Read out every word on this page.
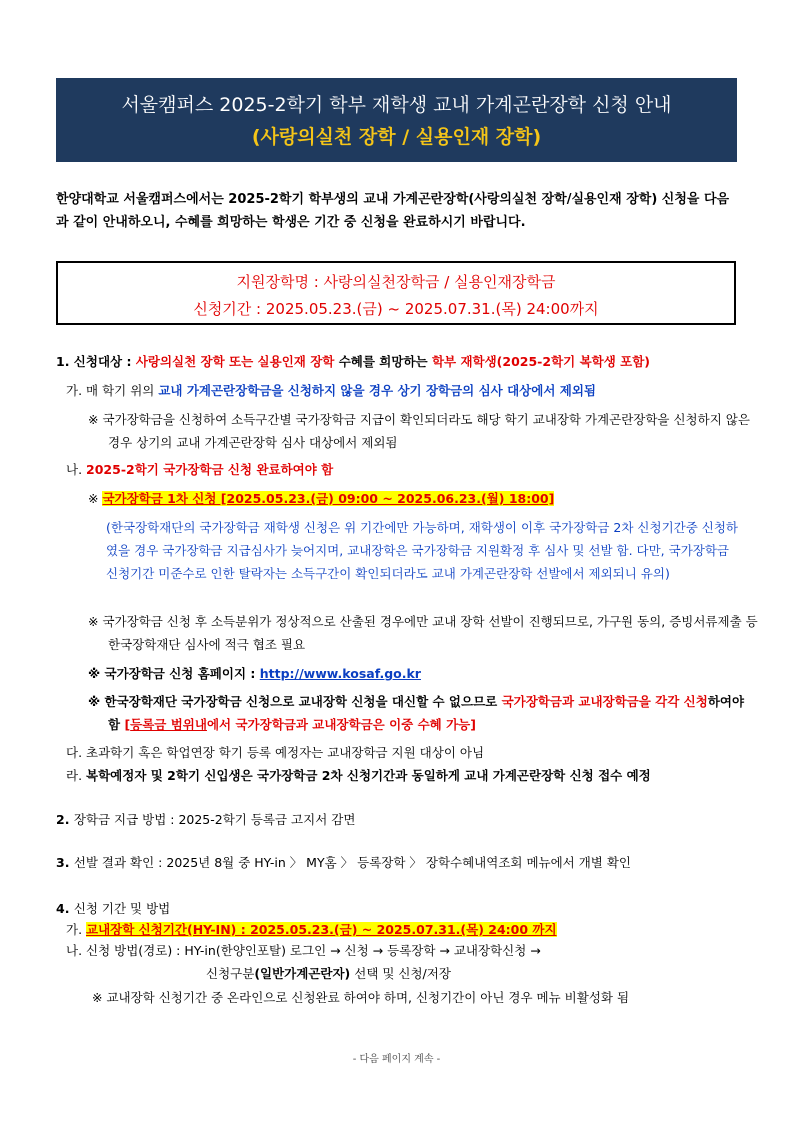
서울캠퍼스 2025-2학기 학부 재학생 교내 가계곤란장학 신청 안내
(사랑의실천 장학 / 실용인재 장학)
한양대학교 서울캠퍼스에서는 2025-2학기 학부생의 교내 가계곤란장학(사랑의실천 장학/실용인재 장학) 신청을 다음과 같이 안내하오니, 수혜를 희망하는 학생은 기간 중 신청을 완료하시기 바랍니다.
지원장학명 : 사랑의실천장학금 / 실용인재장학금
신청기간 : 2025.05.23.(금) ~ 2025.07.31.(목) 24:00까지
1. 신청대상 : 사랑의실천 장학 또는 실용인재 장학 수혜를 희망하는 학부 재학생(2025-2학기 복학생 포함)
가. 매 학기 위의 교내 가계곤란장학금을 신청하지 않을 경우 상기 장학금의 심사 대상에서 제외됨
※ 국가장학금을 신청하여 소득구간별 국가장학금 지급이 확인되더라도 해당 학기 교내장학 가계곤란장학을 신청하지 않은 경우 상기의 교내 가계곤란장학 심사 대상에서 제외됨
나. 2025-2학기 국가장학금 신청 완료하여야 함
※ 국가장학금 1차 신청 [2025.05.23.(금) 09:00 ~ 2025.06.23.(월) 18:00]
(한국장학재단의 국가장학금 재학생 신청은 위 기간에만 가능하며, 재학생이 이후 국가장학금 2차 신청기간중 신청하였을 경우 국가장학금 지급심사가 늦어지며, 교내장학은 국가장학금 지원확정 후 심사 및 선발 함. 다만, 국가장학금 신청기간 미준수로 인한 탈락자는 소득구간이 확인되더라도 교내 가계곤란장학 선발에서 제외되니 유의)
※ 국가장학금 신청 후 소득분위가 정상적으로 산출된 경우에만 교내 장학 선발이 진행되므로, 가구원 동의, 증빙서류제출 등 한국장학재단 심사에 적극 협조 필요
※ 국가장학금 신청 홈페이지 : http://www.kosaf.go.kr
※ 한국장학재단 국가장학금 신청으로 교내장학 신청을 대신할 수 없으므로 국가장학금과 교내장학금을 각각 신청하여야 함 [등록금 범위내에서 국가장학금과 교내장학금은 이중 수혜 가능]
다. 초과학기 혹은 학업연장 학기 등록 예정자는 교내장학금 지원 대상이 아님
라. 복학예정자 및 2학기 신입생은 국가장학금 2차 신청기간과 동일하게 교내 가계곤란장학 신청 접수 예정
2. 장학금 지급 방법 : 2025-2학기 등록금 고지서 감면
3. 선발 결과 확인 : 2025년 8월 중 HY-in 〉 MY홈 〉 등록장학 〉 장학수혜내역조회 메뉴에서 개별 확인
4. 신청 기간 및 방법
가. 교내장학 신청기간(HY-IN) : 2025.05.23.(금) ~ 2025.07.31.(목) 24:00 까지
나. 신청 방법(경로) : HY-in(한양인포탈) 로그인 → 신청 → 등록장학 → 교내장학신청 →
신청구분(일반가계곤란자) 선택 및 신청/저장
※ 교내장학 신청기간 중 온라인으로 신청완료 하여야 하며, 신청기간이 아닌 경우 메뉴 비활성화 됨
- 다음 페이지 계속 -
